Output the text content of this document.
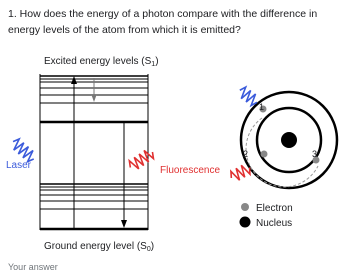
1. How does the energy of a photon compare with the difference in energy levels of the atom from which it is emitted?
Excited energy levels $(S_1)$
Laser	Fluorescence
Ground energy level $(S_0)$
1
2	3
Electron
Nucleus
Your answer
